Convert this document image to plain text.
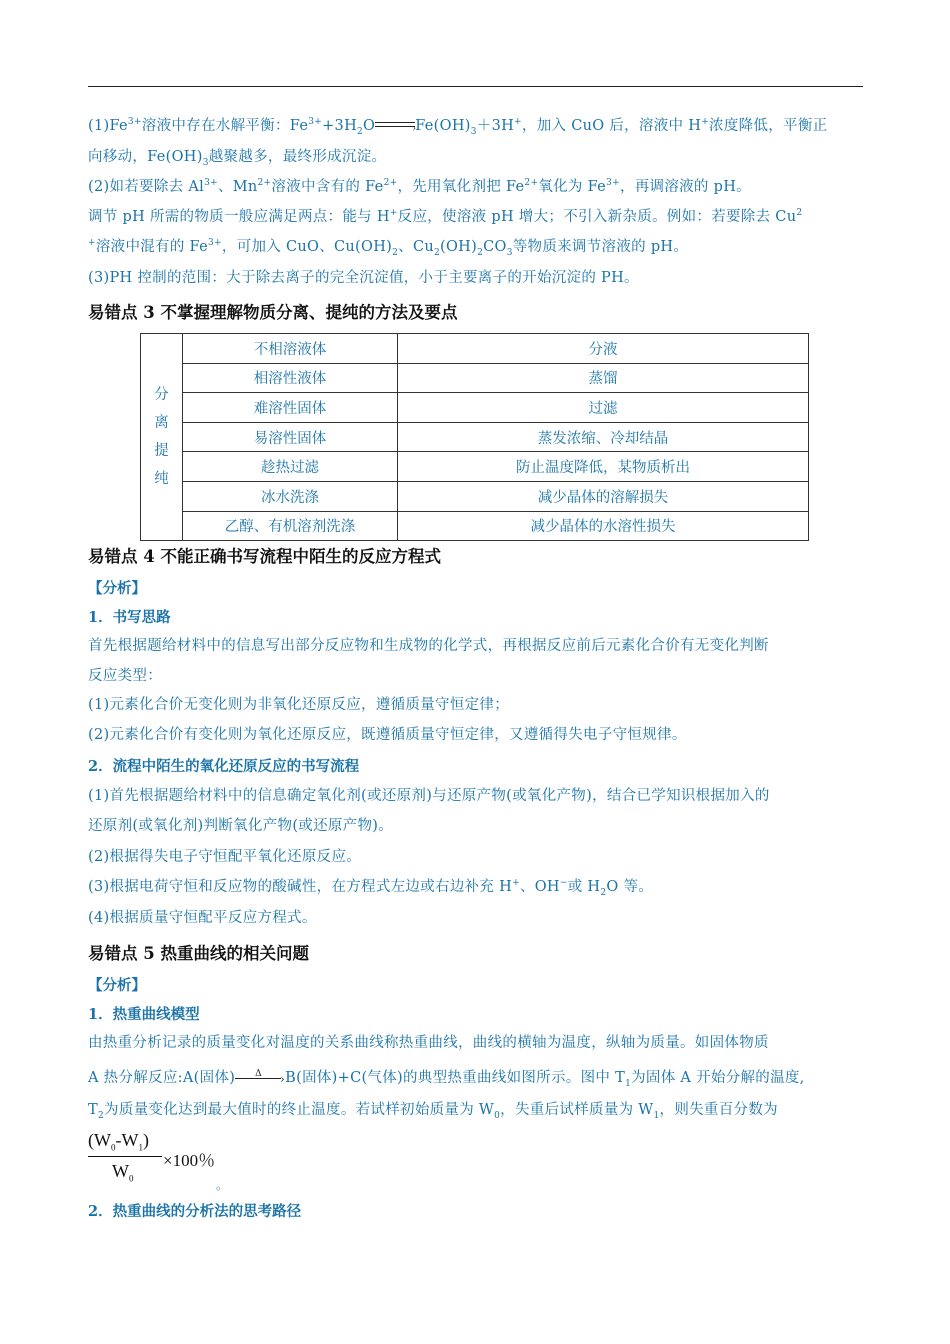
$(1)Fe^{3+}$溶液中存在水解平衡：$Fe^{3+}+3H_2O$	› $Fe(OH)_3+3H^+$，加入 CuO 后，溶液中 H+浓度降低，平衡正
向移动，$Fe(OH)_3$越聚越多，最终形成沉淀。
(2)如若要除去 $Al^{3+}$、$Mn^{2+}$溶液中含有的 $Fe^{2+}$，先用氧化剂把 $Fe^{2+}$氧化为 $Fe^{3+}$，再调溶液的 pH。
调节 pH 所需的物质一般应满足两点：能与 H+反应，使溶液 pH 增大；不引入新杂质。例如：若要除去 Cu$^2$
+溶液中混有的 $Fe^{3+}$，可加入 CuO、$Cu(OH)_2$、$Cu_2(OH)_2CO_3$等物质来调节溶液的 pH。
(3)PH 控制的范围：大于除去离子的完全沉淀值，小于主要离子的开始沉淀的 PH。
易错点 3 不掌握理解物质分离、提纯的方法及要点
分
离
提
纯	不相溶液体	分液
	相溶性液体	蒸馏
	难溶性固体	过滤
	易溶性固体	蒸发浓缩、冷却结晶
	趁热过滤	防止温度降低，某物质析出
	冰水洗涤	减少晶体的溶解损失
	乙醇、有机溶剂洗涤	减少晶体的水溶性损失
易错点 4 不能正确书写流程中陌生的反应方程式
【分析】
1．书写思路
首先根据题给材料中的信息写出部分反应物和生成物的化学式，再根据反应前后元素化合价有无变化判断
反应类型：
(1)元素化合价无变化则为非氧化还原反应，遵循质量守恒定律；
(2)元素化合价有变化则为氧化还原反应，既遵循质量守恒定律，又遵循得失电子守恒规律。
2．流程中陌生的氧化还原反应的书写流程
(1)首先根据题给材料中的信息确定氧化剂(或还原剂)与还原产物(或氧化产物)，结合已学知识根据加入的
还原剂(或氧化剂)判断氧化产物(或还原产物)。
(2)根据得失电子守恒配平氧化还原反应。
(3)根据电荷守恒和反应物的酸碱性，在方程式左边或右边补充 H+、OH−或 $H_2O$ 等。
(4)根据质量守恒配平反应方程式。
易错点 5 热重曲线的相关问题
【分析】
1．热重曲线模型
由热重分析记录的质量变化对温度的关系曲线称热重曲线，曲线的横轴为温度，纵轴为质量。如固体物质
A 热分解反应:A(固体) Δ › B(固体)+C(气体)的典型热重曲线如图所示。图中 $T_1$为固体 A 开始分解的温度,
$T_2$为质量变化达到最大值时的终止温度。若试样初始质量为 $W_0$，失重后试样质量为 $W_1$，则失重百分数为
$(W_0-W_1)$
$W_0$
×100％
。
2．热重曲线的分析法的思考路径
